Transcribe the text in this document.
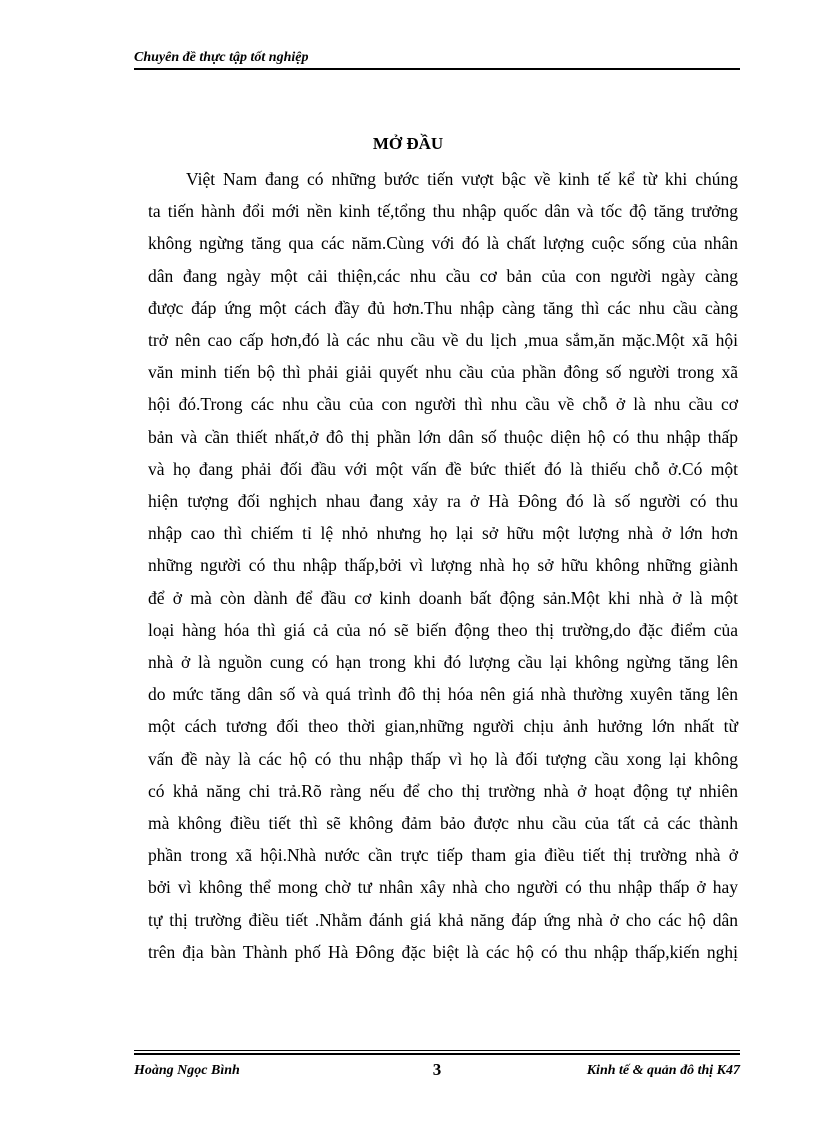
Chuyên đề thực tập tốt nghiệp
MỞ ĐẦU
Việt Nam đang có những bước tiến vượt bậc về kinh tế kể từ khi chúng
ta tiến hành đổi mới nền kinh tế,tổng thu nhập quốc dân và tốc độ tăng trưởng
không ngừng tăng qua các năm.Cùng với đó là chất lượng cuộc sống của nhân
dân đang ngày một cải thiện,các nhu cầu cơ bản của con người ngày càng
được đáp ứng một cách đầy đủ hơn.Thu nhập càng tăng thì các nhu cầu càng
trở nên cao cấp hơn,đó là các nhu cầu về du lịch ,mua sắm,ăn mặc.Một xã hội
văn minh tiến bộ thì phải giải quyết nhu cầu của phần đông số người trong xã
hội đó.Trong các nhu cầu của con người thì nhu cầu về chỗ ở là nhu cầu cơ
bản và cần thiết nhất,ở đô thị phần lớn dân số thuộc diện hộ có thu nhập thấp
và họ đang phải đối đầu với một vấn đề bức thiết đó là thiếu chỗ ở.Có một
hiện tượng đối nghịch nhau đang xảy ra ở Hà Đông đó là số người có thu
nhập cao thì chiếm tỉ lệ nhỏ nhưng họ lại sở hữu một lượng nhà ở lớn hơn
những người có thu nhập thấp,bởi vì lượng nhà họ sở hữu không những giành
để ở mà còn dành để đầu cơ kinh doanh bất động sản.Một khi nhà ở là một
loại hàng hóa thì giá cả của nó sẽ biến động theo thị trường,do đặc điểm của
nhà ở là nguồn cung có hạn trong khi đó lượng cầu lại không ngừng tăng lên
do mức tăng dân số và quá trình đô thị hóa nên giá nhà thường xuyên tăng lên
một cách tương đối theo thời gian,những người chịu ảnh hưởng lớn nhất từ
vấn đề này là các hộ có thu nhập thấp vì họ là đối tượng cầu xong lại không
có khả năng chi trả.Rõ ràng nếu để cho thị trường nhà ở hoạt động tự nhiên
mà không điều tiết thì sẽ không đảm bảo được nhu cầu của tất cả các thành
phần trong xã hội.Nhà nước cần trực tiếp tham gia điều tiết thị trường nhà ở
bởi vì không thể mong chờ tư nhân xây nhà cho người có thu nhập thấp ở hay
tự thị trường điều tiết .Nhằm đánh giá khả năng đáp ứng nhà ở cho các hộ dân
trên địa bàn Thành phố Hà Đông đặc biệt là các hộ có thu nhập thấp,kiến nghị
Hoàng Ngọc Bình	3	Kinh tế & quản đô thị K47
